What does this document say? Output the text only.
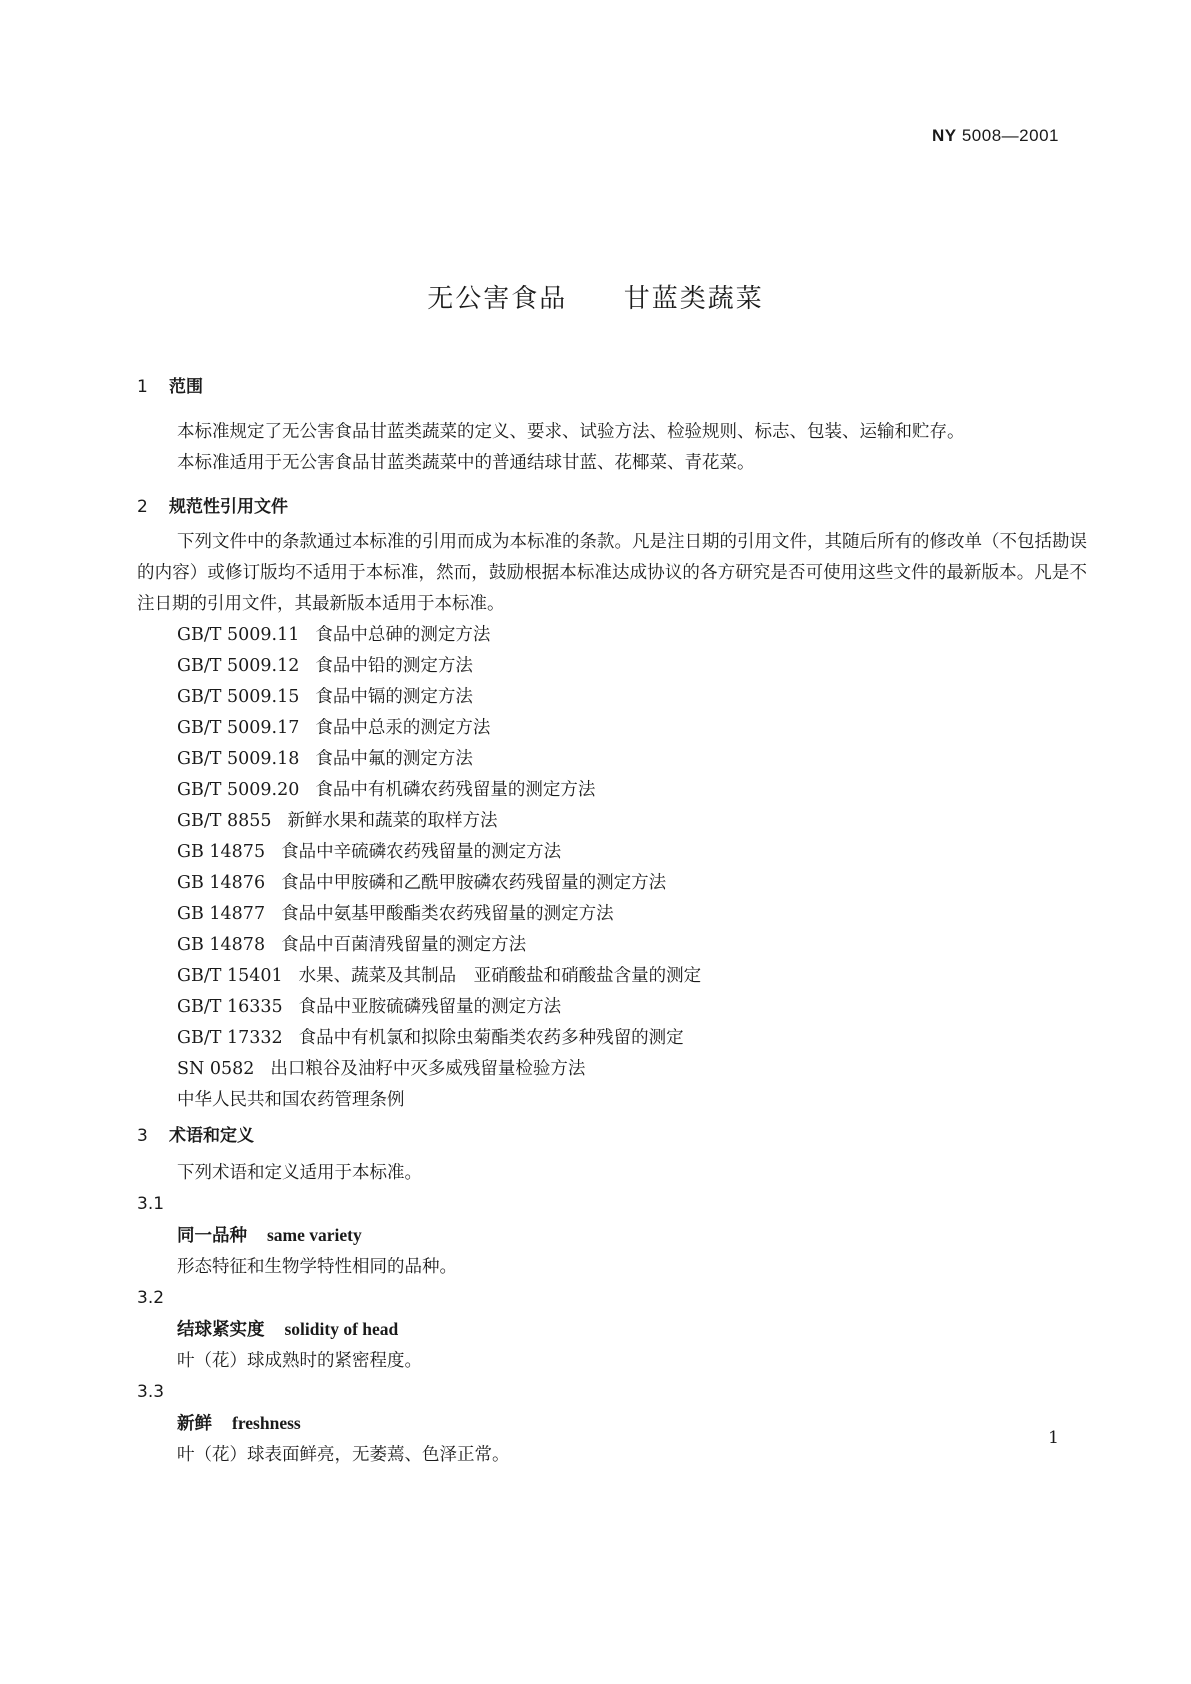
NY 5008—2001
无公害食品  甘蓝类蔬菜
1 范围
本标准规定了无公害食品甘蓝类蔬菜的定义、要求、试验方法、检验规则、标志、包装、运输和贮存。
本标准适用于无公害食品甘蓝类蔬菜中的普通结球甘蓝、花椰菜、青花菜。
2 规范性引用文件

下列文件中的条款通过本标准的引用而成为本标准的条款。凡是注日期的引用文件，其随后所有的修改单（不包括勘误的内容）或修订版均不适用于本标准，然而，鼓励根据本标准达成协议的各方研究是否可使用这些文件的最新版本。凡是不注日期的引用文件，其最新版本适用于本标准。

GB/T 5009.11 食品中总砷的测定方法
GB/T 5009.12 食品中铅的测定方法
GB/T 5009.15 食品中镉的测定方法
GB/T 5009.17 食品中总汞的测定方法
GB/T 5009.18 食品中氟的测定方法
GB/T 5009.20 食品中有机磷农药残留量的测定方法
GB/T 8855 新鲜水果和蔬菜的取样方法
GB 14875 食品中辛硫磷农药残留量的测定方法
GB 14876 食品中甲胺磷和乙酰甲胺磷农药残留量的测定方法
GB 14877 食品中氨基甲酸酯类农药残留量的测定方法
GB 14878 食品中百菌清残留量的测定方法
GB/T 15401 水果、蔬菜及其制品　亚硝酸盐和硝酸盐含量的测定
GB/T 16335 食品中亚胺硫磷残留量的测定方法
GB/T 17332 食品中有机氯和拟除虫菊酯类农药多种残留的测定
SN 0582 出口粮谷及油籽中灭多威残留量检验方法
中华人民共和国农药管理条例
3 术语和定义
下列术语和定义适用于本标准。
3.1
同一品种 same variety
形态特征和生物学特性相同的品种。
3.2
结球紧实度 solidity of head
叶（花）球成熟时的紧密程度。
3.3
新鲜 freshness
叶（花）球表面鲜亮，无萎蔫、色泽正常。
1
